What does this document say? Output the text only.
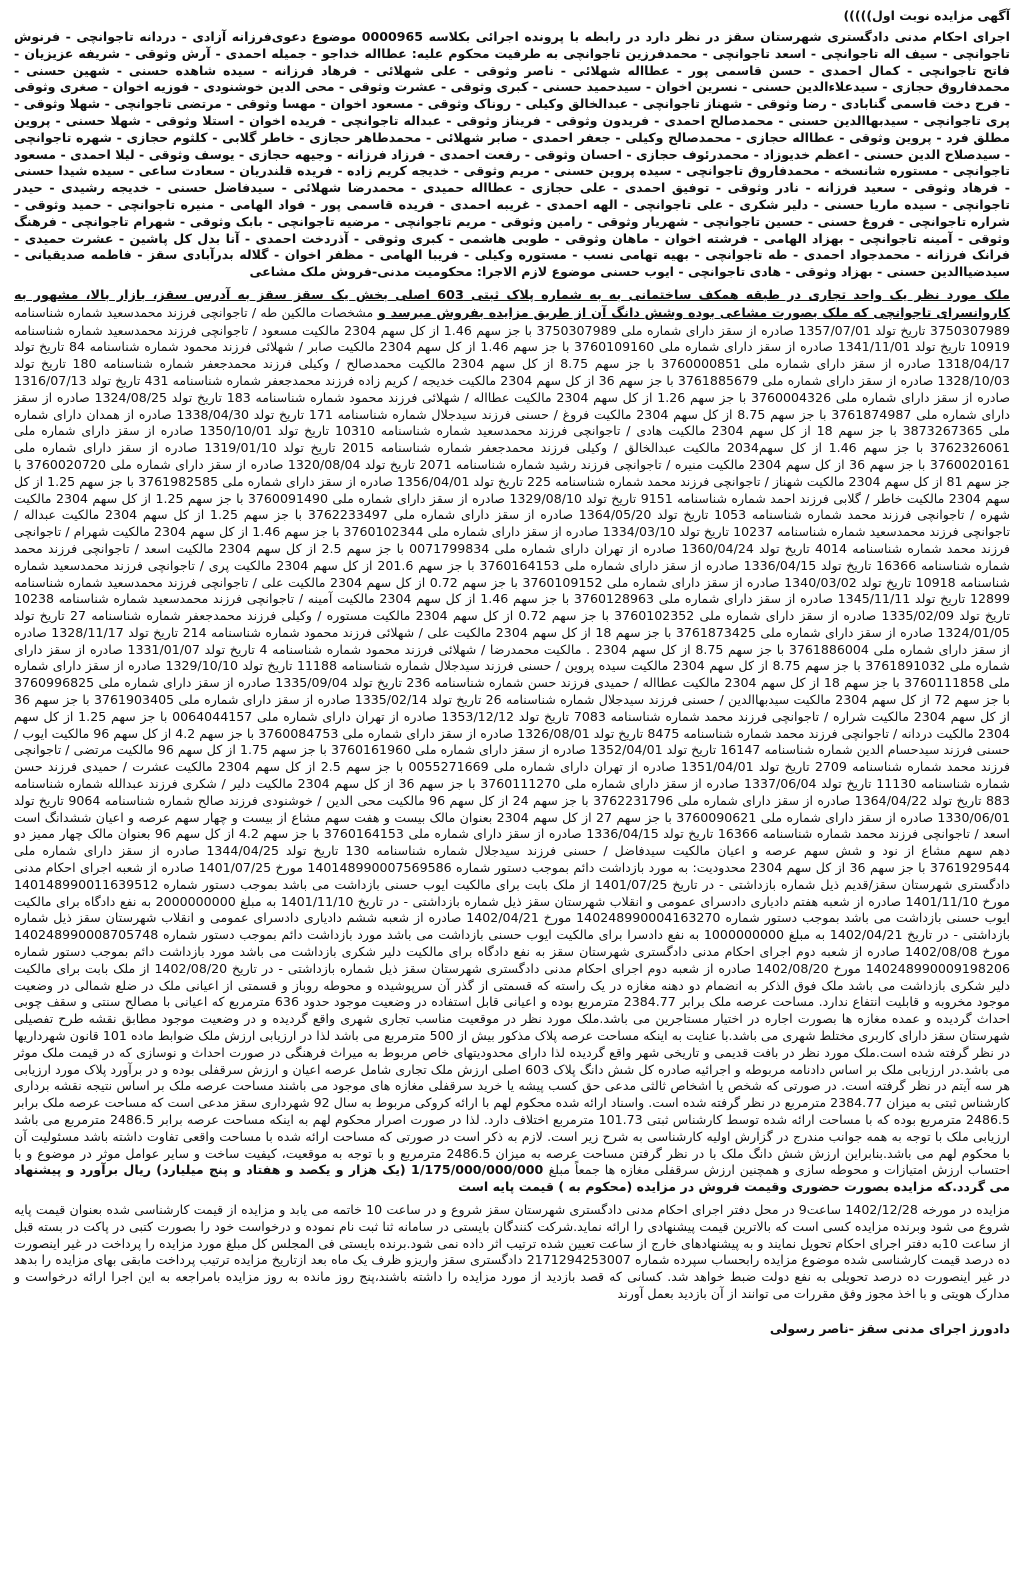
آگهی مزایده نوبت اول)))))

اجرای احکام مدنی دادگستری شهرستان سقز در نظر دارد در رابطه با پرونده اجرائی بکلاسه 0000965 موضوع دعوی‌فرزانه آزادی - دردانه تاجوانچی - فرنوش تاجوانچی - سیف اله تاجوانچی - اسعد تاجوانچی - محمدفرزین تاجوانچی به طرفیت محکوم علیه: عطااله خداجو - جمیله احمدی - آرش وثوقی - شریفه عزیزیان - فاتح تاجوانچی - کمال احمدی - حسن قاسمی پور - عطااله شهلائی - ناصر وثوقی - علی شهلائی - فرهاد فرزانه - سیده شاهده حسنی - شهین حسنی - محمدفاروق حجازی - سیدعلاءالدین حسنی - نسرین اخوان - سیدحمید حسنی - کبری وثوقی - عشرت وثوقی - محی الدین خوشنودی - فوزیه اخوان - صغری وثوقی - فرح دخت قاسمی گنابادی - رضا وثوقی - شهناز تاجوانچی - عبدالخالق وکیلی - روناک وثوقی - مسعود اخوان - مهسا وثوقی - مرتضی تاجوانچی - شهلا وثوقی - پری تاجوانچی - سیدبهاالدین حسنی - محمدصالح احمدی - فریدون وثوقی - فریناز وثوقی - عبداله تاجوانچی - فریده اخوان - استلا وثوقی - شهلا حسنی - پروین مطلق فرد - پروین وثوقی - عطااله حجازی - محمدصالح وکیلی - جعفر احمدی - صابر شهلائی - محمدطاهر حجازی - خاطر گلابی - کلثوم حجازی - شهره تاجوانچی - سیدصلاح الدین حسنی - اعظم خدیوزاد - محمدرئوف حجازی - احسان وثوقی - رفعت احمدی - فرزاد فرزانه - وجیهه حجازی - یوسف وثوقی - لیلا احمدی - مسعود تاجوانچی - مستوره شانسخه - محمدفاروق تاجوانچی - سیده پروین حسنی - مریم وثوقی - خدیجه کریم زاده - فریده قلندریان - سعادت ساعی - سیده شیدا حسنی - فرهاد وثوقی - سعید فرزانه - نادر وثوقی - توفیق احمدی - علی حجازی - عطااله حمیدی - محمدرضا شهلائی - سیدفاضل حسنی - خدیجه رشیدی - حیدر تاجوانچی - سیده ماریا حسنی - دلیر شکری - علی تاجوانچی - الهه احمدی - غریبه احمدی - فریده قاسمی پور - فواد الهامی - منیره تاجوانچی - حمید وثوقی - شراره تاجوانچی - فروغ حسنی - حسین تاجوانچی - شهریار وثوقی - رامین وثوقی - مریم تاجوانچی - مرضیه تاجوانچی - بابک وثوقی - شهرام تاجوانچی - فرهنگ وثوقی - آمینه تاجوانچی - بهزاد الهامی - فرشته اخوان - ماهان وثوقی - طوبی هاشمی - کبری وثوقی - آذردخت احمدی - آنا بدل کل پاشین - عشرت حمیدی - فرانک فرزانه - محمدجواد احمدی - طه تاجوانچی - بهیه تهامی نسب - مستوره وکیلی - فریبا الهامی - مظفر اخوان - گلاله بدرآبادی سقز - فاطمه صدیقیانی - سیدضیاالدین حسنی - بهزاد وثوقی - هادی تاجوانچی - ایوب حسنی موضوع لازم الاجرا: محکومیت مدنی-فروش ملک مشاعی

ملک مورد نظر یک واحد تجاری در طبقه همکف ساختمانی به به شماره پلاک ثبتی 603 اصلی بخش یک سقز سقز به آدرس سقز، بازار بالا، مشهور به کاروانسرای تاجوانچی که ملک بصورت مشاعی بوده وشش دانگ آن از طریق مزایده بفروش میرسد و مشخصات مالکین طه / تاجوانچی فرزند محمدسعید شماره شناسنامه 3750307989 تاریخ تولد 1357/07/01 صادره از سقز دارای شماره ملی 3750307989 با جز سهم 1.46 از کل سهم 2304 مالکیت مسعود / تاجوانچی فرزند محمدسعید شماره شناسنامه 10919 تاریخ تولد 1341/11/01 صادره از سقز دارای شماره ملی 3760109160 با جز سهم 1.46 از کل سهم 2304 مالکیت صابر / شهلائی فرزند محمود شماره شناسنامه 84 تاریخ تولد 1318/04/17 صادره از سقز دارای شماره ملی 3760000851 با جز سهم 8.75 از کل سهم 2304 مالکیت محمدصالح / وکیلی فرزند محمدجعفر شماره شناسنامه 180 تاریخ تولد 1328/10/03 صادره از سقز دارای شماره ملی 3761885679 با جز سهم 36 از کل سهم 2304 مالکیت خدیجه / کریم زاده فرزند محمدجعفر شماره شناسنامه 431 تاریخ تولد 1316/07/13 صادره از سقز دارای شماره ملی 3760004326 با جز سهم 1.26 از کل سهم 2304 مالکیت عطااله / شهلائی فرزند محمود شماره شناسنامه 183 تاریخ تولد 1324/08/25 صادره از سقز دارای شماره ملی 3761874987 با جز سهم 8.75 از کل سهم 2304 مالکیت فروغ / حسنی فرزند سیدجلال شماره شناسنامه 171 تاریخ تولد 1338/04/30 صادره از همدان دارای شماره ملی 3873267365 با جز سهم 18 از کل سهم 2304 مالکیت هادی / تاجوانچی فرزند محمدسعید شماره شناسنامه 10310 تاریخ تولد 1350/10/01 صادره از سقز دارای شماره ملی 3762326061 با جز سهم 1.46 از کل سهم2034 مالکیت عبدالخالق / وکیلی فرزند محمدجعفر شماره شناسنامه 2015 تاریخ تولد 1319/01/10 صادره از سقز دارای شماره ملی 3760020161 با جز سهم 36 از کل سهم 2304 مالکیت منیره / تاجوانچی فرزند رشید شماره شناسنامه 2071 تاریخ تولد 1320/08/04 صادره از سقز دارای شماره ملی 3760020720 با جز سهم 81 از کل سهم 2304 مالکیت شهناز / تاجوانچی فرزند محمد شماره شناسنامه 225 تاریخ تولد 1356/04/01 صادره از سقز دارای شماره ملی 3761982585 با جز سهم 1.25 از کل سهم 2304 مالکیت خاطر / گلابی فرزند احمد شماره شناسنامه 9151 تاریخ تولد 1329/08/10 صادره از سقز دارای شماره ملی 3760091490 با جز سهم 1.25 از کل سهم 2304 مالکیت شهره / تاجوانچی فرزند محمد شماره شناسنامه 1053 تاریخ تولد 1364/05/20 صادره از سقز دارای شماره ملی 3762233497 با جز سهم 1.25 از کل سهم 2304 مالکیت عبداله / تاجوانچی فرزند محمدسعید شماره شناسنامه 10237 تاریخ تولد 1334/03/10 صادره از سقز دارای شماره ملی 3760102344 با جز سهم 1.46 از کل سهم 2304 مالکیت شهرام / تاجوانچی فرزند محمد شماره شناسنامه 4014 تاریخ تولد 1360/04/24 صادره از تهران دارای شماره ملی 0071799834 با جز سهم 2.5 از کل سهم 2304 مالکیت اسعد / تاجوانچی فرزند محمد شماره شناسنامه 16366 تاریخ تولد 1336/04/15 صادره از سقز دارای شماره ملی 3760164153 با جز سهم 201.6 از کل سهم 2304 مالکیت پری / تاجوانچی فرزند محمدسعید شماره شناسنامه 10918 تاریخ تولد 1340/03/02 صادره از سقز دارای شماره ملی 3760109152 با جز سهم 0.72 از کل سهم 2304 مالکیت علی / تاجوانچی فرزند محمدسعید شماره شناسنامه 12899 تاریخ تولد 1345/11/11 صادره از سقز دارای شماره ملی 3760128963 با جز سهم 1.46 از کل سهم 2304 مالکیت آمینه / تاجوانچی فرزند محمدسعید شماره شناسنامه 10238 تاریخ تولد 1335/02/09 صادره از سقز دارای شماره ملی 3760102352 با جز سهم 0.72 از کل سهم 2304 مالکیت مستوره / وکیلی فرزند محمدجعفر شماره شناسنامه 27 تاریخ تولد 1324/01/05 صادره از سقز دارای شماره ملی 3761873425 با جز سهم 18 از کل سهم 2304 مالکیت علی / شهلائی فرزند محمود شماره شناسنامه 214 تاریخ تولد 1328/11/17 صادره از سقز دارای شماره ملی 3761886004 با جز سهم 8.75 از کل سهم 2304 . مالکیت محمدرضا / شهلائی فرزند محمود شماره شناسنامه 4 تاریخ تولد 1331/01/07 صادره از سقز دارای شماره ملی 3761891032 با جز سهم 8.75 از کل سهم 2304 مالکیت سیده پروین / حسنی فرزند سیدجلال شماره شناسنامه 11188 تاریخ تولد 1329/10/10 صادره از سقز دارای شماره ملی 3760111858 با جز سهم 18 از کل سهم 2304 مالکیت عطااله / حمیدی فرزند حسن شماره شناسنامه 236 تاریخ تولد 1335/09/04 صادره از سقز دارای شماره ملی 3760996825 با جز سهم 72 از کل سهم 2304 مالکیت سیدبهاالدین / حسنی فرزند سیدجلال شماره شناسنامه 26 تاریخ تولد 1335/02/14 صادره از سقز دارای شماره ملی 3761903405 با جز سهم 36 از کل سهم 2304 مالکیت شراره / تاجوانچی فرزند محمد شماره شناسنامه 7083 تاریخ تولد 1353/12/12 صادره از تهران دارای شماره ملی 0064044157 با جز سهم 1.25 از کل سهم 2304 مالکیت دردانه / تاجوانچی فرزند محمد شماره شناسنامه 8475 تاریخ تولد 1326/08/01 صادره از سقز دارای شماره ملی 3760084753 با جز سهم 4.2 از کل سهم 96 مالکیت ایوب / حسنی فرزند سیدحسام الدین شماره شناسنامه 16147 تاریخ تولد 1352/04/01 صادره از سقز دارای شماره ملی 3760161960 با جز سهم 1.75 از کل سهم 96 مالکیت مرتضی / تاجوانچی فرزند محمد شماره شناسنامه 2709 تاریخ تولد 1351/04/01 صادره از تهران دارای شماره ملی 0055271669 با جز سهم 2.5 از کل سهم 2304 مالکیت عشرت / حمیدی فرزند حسن شماره شناسنامه 11130 تاریخ تولد 1337/06/04 صادره از سقز دارای شماره ملی 3760111270 با جز سهم 36 از کل سهم 2304 مالکیت دلیر / شکری فرزند عبدالله شماره شناسنامه 883 تاریخ تولد 1364/04/22 صادره از سقز دارای شماره ملی 3762231796 با جز سهم 24 از کل سهم 96 مالکیت محی الدین / خوشنودی فرزند صالح شماره شناسنامه 9064 تاریخ تولد 1330/06/01 صادره از سقز دارای شماره ملی 3760090621 با جز سهم 27 از کل سهم 2304 بعنوان مالک بیست و هفت سهم مشاع از بیست و چهار سهم عرصه و اعیان ششدانگ است اسعد / تاجوانچی فرزند محمد شماره شناسنامه 16366 تاریخ تولد 1336/04/15 صادره از سقز دارای شماره ملی 3760164153 با جز سهم 4.2 از کل سهم 96 بعنوان مالک چهار ممیز دو دهم سهم مشاع از نود و شش سهم عرصه و اعیان مالکیت سیدفاضل / حسنی فرزند سیدجلال شماره شناسنامه 130 تاریخ تولد 1344/04/25 صادره از سقز دارای شماره ملی 3761929544 با جز سهم 36 از کل سهم 2304 محدودیت: به مورد بازداشت دائم بموجب دستور شماره 140148990007569586 مورخ 1401/07/25 صادره از شعبه اجرای احکام مدنی دادگستری شهرستان سقز/قدیم ذیل شماره بازداشتی - در تاریخ 1401/07/25 از ملک بابت برای مالکیت ایوب حسنی بازداشت می باشد بموجب دستور شماره 140148990011639512 مورخ 1401/11/10 صادره از شعبه هفتم دادیاری دادسرای عمومی و انقلاب شهرستان سقز ذیل شماره بازداشتی - در تاریخ 1401/11/10 به مبلغ 2000000000 به نفع دادگاه برای مالکیت ایوب حسنی بازداشت می باشد بموجب دستور شماره 140248990004163270 مورخ 1402/04/21 صادره از شعبه ششم دادیاری دادسرای عمومی و انقلاب شهرستان سقز ذیل شماره بازداشتی - در تاریخ 1402/04/21 به مبلغ 1000000000 به نفع دادسرا برای مالکیت ایوب حسنی بازداشت می باشد مورد بازداشت دائم بموجب دستور شماره 140248990008705748 مورخ 1402/08/08 صادره از شعبه دوم اجرای احکام مدنی دادگستری شهرستان سقز به نفع دادگاه برای مالکیت دلیر شکری بازداشت می باشد مورد بازداشت دائم بموجب دستور شماره 140248990009198206 مورخ 1402/08/20 صادره از شعبه دوم اجرای احکام مدنی دادگستری شهرستان سقز ذیل شماره بازداشتی - در تاریخ 1402/08/20 از ملک بابت برای مالکیت دلیر شکری بازداشت می باشد ملک فوق الذکر به انضمام دو دهنه مغازه در یک راسته که قسمتی از گذر آن سرپوشیده و محوطه روباز و قسمتی از اعیانی ملک در ضلع شمالی در وضعیت موجود مخروبه و قابلیت انتفاع ندارد. مساحت عرصه ملک برابر 2384.77 مترمربع بوده و اعیانی قابل استفاده در وضعیت موجود حدود 636 مترمربع که اعیانی با مصالح سنتی و سقف چوبی احداث گردیده و عمده مغازه ها بصورت اجاره در اختیار مستاجرین می باشد.ملک مورد نظر در موقعیت مناسب تجاری شهری واقع گردیده و در وضعیت موجود مطابق نقشه طرح تفصیلی شهرستان سقز دارای کاربری مختلط شهری می باشد.با عنایت به اینکه مساحت عرصه پلاک مذکور بیش از 500 مترمربع می باشد لذا در ارزیابی ارزش ملک ضوابط ماده 101 قانون شهرداریها در نظر گرفته شده است.ملک مورد نظر در بافت قدیمی و تاریخی شهر واقع گردیده لذا دارای محدودیتهای خاص مربوط به میراث فرهنگی در صورت احداث و نوسازی که در قیمت ملک موثر می باشد.در ارزیابی ملک بر اساس دادنامه مربوطه و اجرائیه صادره کل شش دانگ پلاک 603 اصلی ارزش ملک تجاری شامل عرصه اعیان و ارزش سرقفلی بوده و در برآورد پلاک مورد ارزیابی هر سه آیتم در نظر گرفته است. در صورتی که شخص یا اشخاص ثالثی مدعی حق کسب پیشه یا خرید سرقفلی مغازه های موجود می باشند مساحت عرصه ملک بر اساس نتیجه نقشه برداری کارشناس ثبتی به میزان 2384.77 مترمربع در نظر گرفته شده است. واسناد ارائه شده محکوم لهم با ارائه کروکی مربوط به سال 92 شهرداری سقز مدعی است که مساحت عرصه ملک برابر 2486.5 مترمربع بوده که با مساحت ارائه شده توسط کارشناس ثبتی 101.73 مترمربع اختلاف دارد. لذا در صورت اصرار محکوم لهم به اینکه مساحت عرصه برابر 2486.5 مترمربع می باشد ارزیابی ملک با توجه به همه جوانب مندرج در گزارش اولیه کارشناسی به شرح زیر است. لازم به ذکر است در صورتی که مساحت ارائه شده با مساحت واقعی تفاوت داشته باشد مسئولیت آن با محکوم لهم می باشد.بنابراین ارزش شش دانگ ملک با در نظر گرفتن مساحت عرصه به میزان 2486.5 مترمربع و با توجه به موقعیت، کیفیت ساخت و سایر عوامل موثر در موضوع و با احتساب ارزش امتیازات و محوطه سازی و همچنین ارزش سرقفلی مغازه ها جمعاً مبلغ 1/175/000/000/000 (یک هزار و یکصد و هفتاد و پنج میلیارد) ریال برآورد و پیشنهاد می گردد.که مزایده بصورت حضوری وقیمت فروش در مزایده (محکوم به ) قیمت پایه است

مزایده در مورخه 1402/12/28 ساعت9 در محل دفتر اجرای احکام مدنی دادگستری شهرستان سقز شروع و در ساعت 10 خاتمه می یابد و مزایده از قیمت کارشناسی شده بعنوان قیمت پایه شروع می شود وبرنده مزایده کسی است که بالاترین قیمت پیشنهادی را ارائه نماید.شرکت کنندگان بایستی در سامانه ثنا ثبت نام نموده و درخواست خود را بصورت کتبی در پاکت در بسته قبل از ساعت 10به دفتر اجرای احکام تحویل نمایند و به پیشنهادهای خارج از ساعت تعیین شده ترتیب اثر داده نمی شود.برنده بایستی فی المجلس کل مبلغ مورد مزایده را پرداخت در غیر اینصورت ده درصد قیمت کارشناسی شده موضوع مزایده رابحساب سپرده شماره 2171294253007 دادگستری سقز واریزو ظرف یک ماه بعد ازتاریخ مزایده ترتیب پرداخت مابقی بهای مزایده را بدهد در غیر اینصورت ده درصد تحویلی به نفع دولت ضبط خواهد شد. کسانی که قصد بازدید از مورد مزایده را داشته باشند،پنج روز مانده به روز مزایده بامراجعه به این اجرا ارائه درخواست و مدارک هویتی و با اخذ مجوز وفق مقررات می توانند از آن بازدید بعمل آورند

دادورز اجرای مدنی سقز -ناصر رسولی
